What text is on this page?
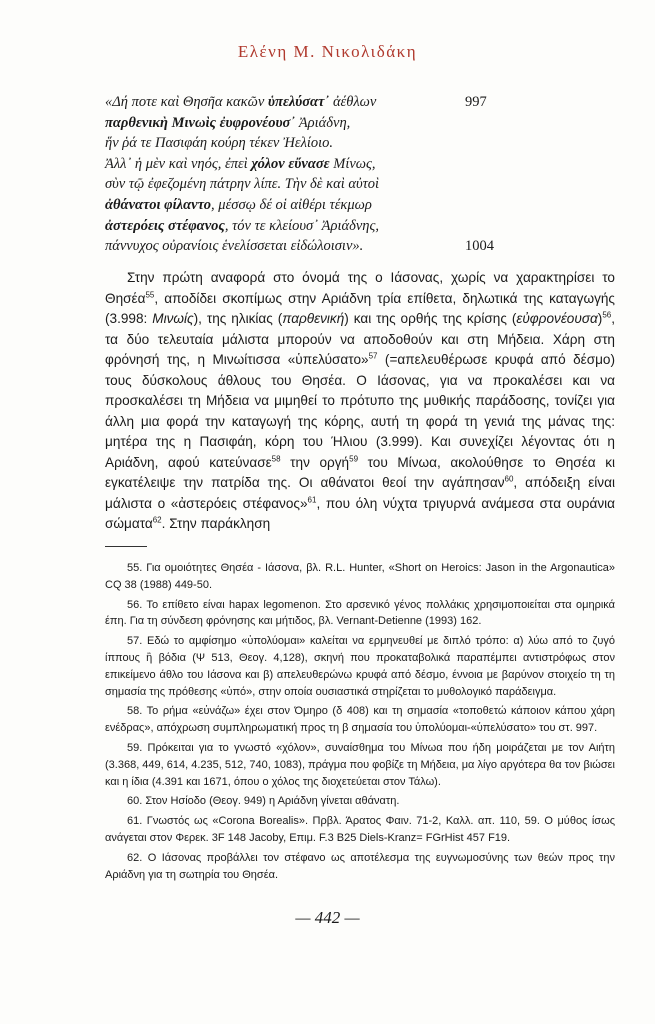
Ελένη Μ. Νικολιδάκη
«Δή ποτε καὶ Θησῆα κακῶν ὑπελύσατ᾽ ἀέθλων	997
παρθενικὴ Μινωὶς ἐυφρονέουσ᾽ Ἀριάδνη,
ἥν ῥά τε Πασιφάη κούρη τέκεν Ἠελίοιο.
Ἀλλ᾽ ἡ μὲν καὶ νηός, ἐπεὶ χόλον εὔνασε Μίνως,
σὺν τῷ ἐφεζομένη πάτρην λίπε. Τὴν δὲ καὶ αὐτοὶ
ἀθάνατοι φίλαντο, μέσσῳ δέ οἱ αἰθέρι τέκμωρ
ἀστερόεις στέφανος, τόν τε κλείουσ᾽ Ἀριάδνης,
πάννυχος οὐρανίοις ἑνελίσσεται εἰδώλοισιν».	1004

Στην πρώτη αναφορά στο όνομά της ο Ιάσονας, χωρίς να χαρακτηρίσει το Θησέα$^{55}$, αποδίδει σκοπίμως στην Αριάδνη τρία επίθετα, δηλωτικά της καταγωγής (3.998: Μινωίς), της ηλικίας (παρθενική) και της ορθής της κρίσης (εὐφρονέουσα)$^{56}$, τα δύο τελευταία μάλιστα μπορούν να αποδοθούν και στη Μήδεια. Χάρη στη φρόνησή της, η Μινωίτισσα «ὑπελύσατο»$^{57}$ (=απελευθέρωσε κρυφά από δέσμο) τους δύσκολους άθλους του Θησέα. Ο Ιάσονας, για να προκαλέσει και να προσκαλέσει τη Μήδεια να μιμηθεί το πρότυπο της μυθικής παράδοσης, τονίζει για άλλη μια φορά την καταγωγή της κόρης, αυτή τη φορά τη γενιά της μάνας της: μητέρα της η Πασιφάη, κόρη του Ήλιου (3.999). Και συνεχίζει λέγοντας ότι η Αριάδνη, αφού κατεύνασε$^{58}$ την οργή$^{59}$ του Μίνωα, ακολούθησε το Θησέα κι εγκατέλειψε την πατρίδα της. Οι αθάνατοι θεοί την αγάπησαν$^{60}$, απόδειξη είναι μάλιστα ο «ἀστερόεις στέφανος»$^{61}$, που όλη νύχτα τριγυρνά ανάμεσα στα ουράνια σώματα$^{62}$. Στην παράκληση

55. Για ομοιότητες Θησέα - Ιάσονα, βλ. R.L. Hunter, «Short on Heroics: Jason in the Argonautica» CQ 38 (1988) 449-50.

56. Το επίθετο είναι hapax legomenon. Στο αρσενικό γένος πολλάκις χρησιμοποιείται στα ομηρικά έπη. Για τη σύνδεση φρόνησης και μήτιδος, βλ. Vernant-Detienne (1993) 162.

57. Εδώ το αμφίσημο «ὑπολύομαι» καλείται να ερμηνευθεί με διπλό τρόπο: α) λύω από το ζυγό ίππους ἢ βόδια (Ψ 513, Θεογ. 4,128), σκηνή που προκαταβολικά παραπέμπει αντιστρόφως στον επικείμενο άθλο του Ιάσονα και β) απελευθερώνω κρυφά από δέσμο, έννοια με βαρύνον στοιχείο τη τη σημασία της πρόθεσης «ὑπό», στην οποία ουσιαστικά στηρίζεται το μυθολογικό παράδειγμα.

58. Το ρήμα «εὐνάζω» έχει στον Όμηρο (δ 408) και τη σημασία «τοποθετώ κάποιον κάπου χάρη ενέδρας», απόχρωση συμπληρωματική προς τη β σημασία του ὑπολύομαι-«ὑπελύσατο» του στ. 997.

59. Πρόκειται για το γνωστό «χόλον», συναίσθημα του Μίνωα που ήδη μοιράζεται με τον Αιήτη (3.368, 449, 614, 4.235, 512, 740, 1083), πράγμα που φοβίζε τη Μήδεια, μα λίγο αργότερα θα τον βιώσει και η ίδια (4.391 και 1671, όπου ο χόλος της διοχετεύεται στον Τάλω).

60. Στον Ησίοδο (Θεογ. 949) η Αριάδνη γίνεται αθάνατη.

61. Γνωστός ως «Corona Borealis». Πρβλ. Άρατος Φαιν. 71-2, Καλλ. απ. 110, 59. Ο μύθος ίσως ανάγεται στον Φερεκ. 3F 148 Jacoby, Επιμ. F.3 B25 Diels-Kranz= FGrHist 457 F19.

62. Ο Ιάσονας προβάλλει τον στέφανο ως αποτέλεσμα της ευγνωμοσύνης των θεών προς την Αριάδνη για τη σωτηρία του Θησέα.

— 442 —
